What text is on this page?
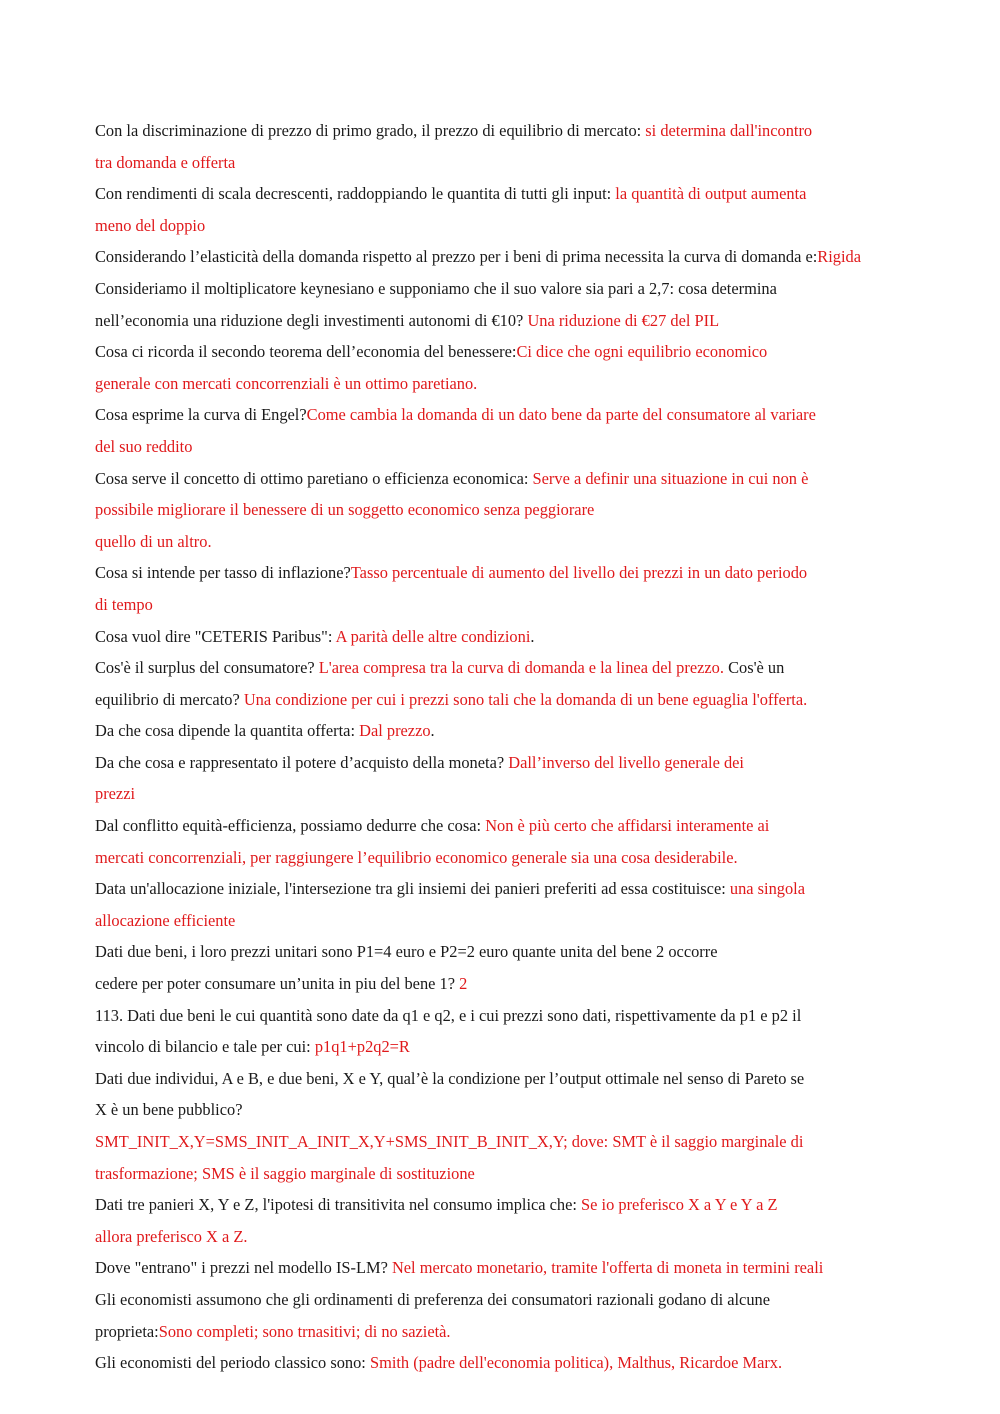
Con la discriminazione di prezzo di primo grado, il prezzo di equilibrio di mercato: si determina dall'incontro
tra domanda e offerta
Con rendimenti di scala decrescenti, raddoppiando le quantita di tutti gli input: la quantità di output aumenta
meno del doppio
Considerando l’elasticità della domanda rispetto al prezzo per i beni di prima necessita la curva di domanda e:Rigida
Consideriamo il moltiplicatore keynesiano e supponiamo che il suo valore sia pari a 2,7: cosa determina
nell’economia una riduzione degli investimenti autonomi di €10? Una riduzione di €27 del PIL
Cosa ci ricorda il secondo teorema dell’economia del benessere:Ci dice che ogni equilibrio economico
generale con mercati concorrenziali è un ottimo paretiano.
Cosa esprime la curva di Engel?Come cambia la domanda di un dato bene da parte del consumatore al variare
del suo reddito
Cosa serve il concetto di ottimo paretiano o efficienza economica: Serve a definir una situazione in cui non è
possibile migliorare il benessere di un soggetto economico senza peggiorare
quello di un altro.
Cosa si intende per tasso di inflazione?Tasso percentuale di aumento del livello dei prezzi in un dato periodo
di tempo
Cosa vuol dire "CETERIS Paribus": A parità delle altre condizioni.
Cos'è il surplus del consumatore? L'area compresa tra la curva di domanda e la linea del prezzo. Cos'è un
equilibrio di mercato? Una condizione per cui i prezzi sono tali che la domanda di un bene eguaglia l'offerta.
Da che cosa dipende la quantita offerta: Dal prezzo.
Da che cosa e rappresentato il potere d’acquisto della moneta? Dall’inverso del livello generale dei
prezzi
Dal conflitto equità-efficienza, possiamo dedurre che cosa: Non è più certo che affidarsi interamente ai
mercati concorrenziali, per raggiungere l’equilibrio economico generale sia una cosa desiderabile.
Data un'allocazione iniziale, l'intersezione tra gli insiemi dei panieri preferiti ad essa costituisce: una singola
allocazione efficiente
Dati due beni, i loro prezzi unitari sono P1=4 euro e P2=2 euro quante unita del bene 2 occorre
cedere per poter consumare un’unita in piu del bene 1? 2
113. Dati due beni le cui quantità sono date da q1 e q2, e i cui prezzi sono dati, rispettivamente da p1 e p2 il
vincolo di bilancio e tale per cui: p1q1+p2q2=R
Dati due individui, A e B, e due beni, X e Y, qual’è la condizione per l’output ottimale nel senso di Pareto se
X è un bene pubblico?
SMT_INIT_X,Y=SMS_INIT_A_INIT_X,Y+SMS_INIT_B_INIT_X,Y; dove: SMT è il saggio marginale di
trasformazione; SMS è il saggio marginale di sostituzione
Dati tre panieri X, Y e Z, l'ipotesi di transitivita nel consumo implica che: Se io preferisco X a Y e Y a Z
allora preferisco X a Z.
Dove "entrano" i prezzi nel modello IS-LM? Nel mercato monetario, tramite l'offerta di moneta in termini reali
Gli economisti assumono che gli ordinamenti di preferenza dei consumatori razionali godano di alcune
proprieta:Sono completi; sono trnasitivi; di no sazietà.
Gli economisti del periodo classico sono: Smith (padre dell'economia politica), Malthus, Ricardoe Marx.
